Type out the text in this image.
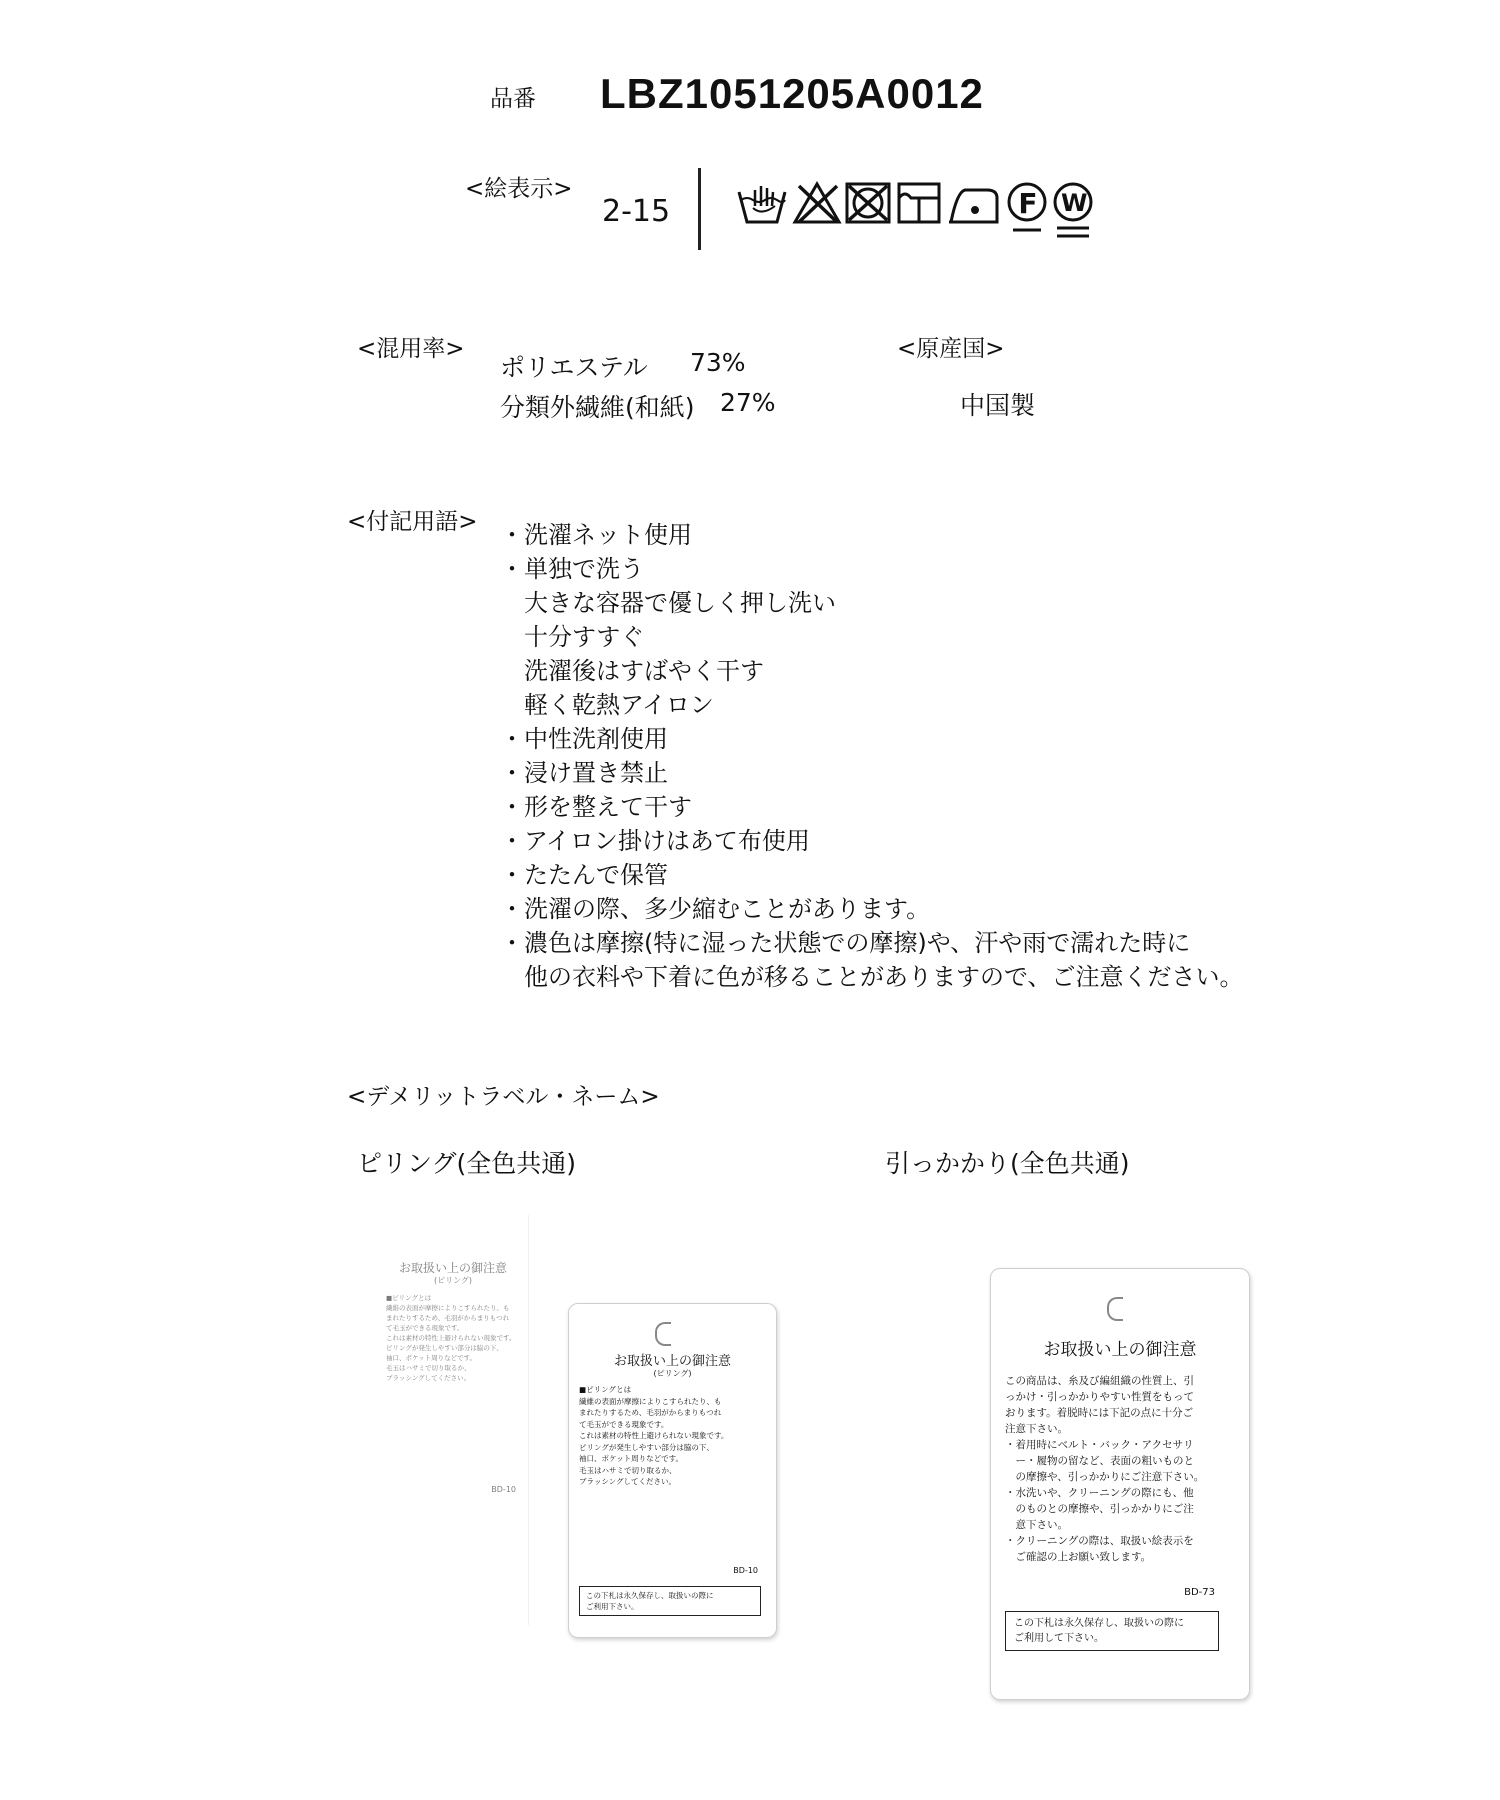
品番 LBZ1051205A0012
<絵表示>
2-15	F W
<混用率>
ポリエステル 73%
分類外繊維(和紙) 27%
<原産国>
中国製
<付記用語> ・洗濯ネット使用
・単独で洗う
　大きな容器で優しく押し洗い
　十分すすぐ
　洗濯後はすばやく干す
　軽く乾熱アイロン
・中性洗剤使用
・浸け置き禁止
・形を整えて干す
・アイロン掛けはあて布使用
・たたんで保管
・洗濯の際、多少縮むことがあります。
・濃色は摩擦(特に湿った状態での摩擦)や、汗や雨で濡れた時に
　他の衣料や下着に色が移ることがありますので、ご注意ください。
<デメリットラベル・ネーム>
ピリング(全色共通)	引っかかり(全色共通)
お取扱い上の御注意
(ピリング)
■ピリングとは
繊維の表面が摩擦によりこすられたり、も
まれたりするため、毛羽がからまりもつれ
て毛玉ができる現象です。
これは素材の特性上避けられない現象です。
ピリングが発生しやすい部分は脇の下、
袖口、ポケット周りなどです。
毛玉はハサミで切り取るか、
ブラッシングしてください。
BD-10
お取扱い上の御注意
(ピリング)
■ピリングとは
繊維の表面が摩擦によりこすられたり、も
まれたりするため、毛羽がからまりもつれ
て毛玉ができる現象です。
これは素材の特性上避けられない現象です。
ピリングが発生しやすい部分は脇の下、
袖口、ポケット周りなどです。
毛玉はハサミで切り取るか、
ブラッシングしてください。
BD-10
この下札は永久保存し、取扱いの際に
ご利用下さい。
お取扱い上の御注意
この商品は、糸及び編組織の性質上、引
っかけ・引っかかりやすい性質をもって
おります。着脱時には下記の点に十分ご
注意下さい。
・着用時にベルト・バック・アクセサリ
　ー・履物の留など、表面の粗いものと
　の摩擦や、引っかかりにご注意下さい。
・水洗いや、クリーニングの際にも、他
　のものとの摩擦や、引っかかりにご注
　意下さい。
・クリーニングの際は、取扱い絵表示を
　ご確認の上お願い致します。
BD-73
この下札は永久保存し、取扱いの際に
ご利用して下さい。
